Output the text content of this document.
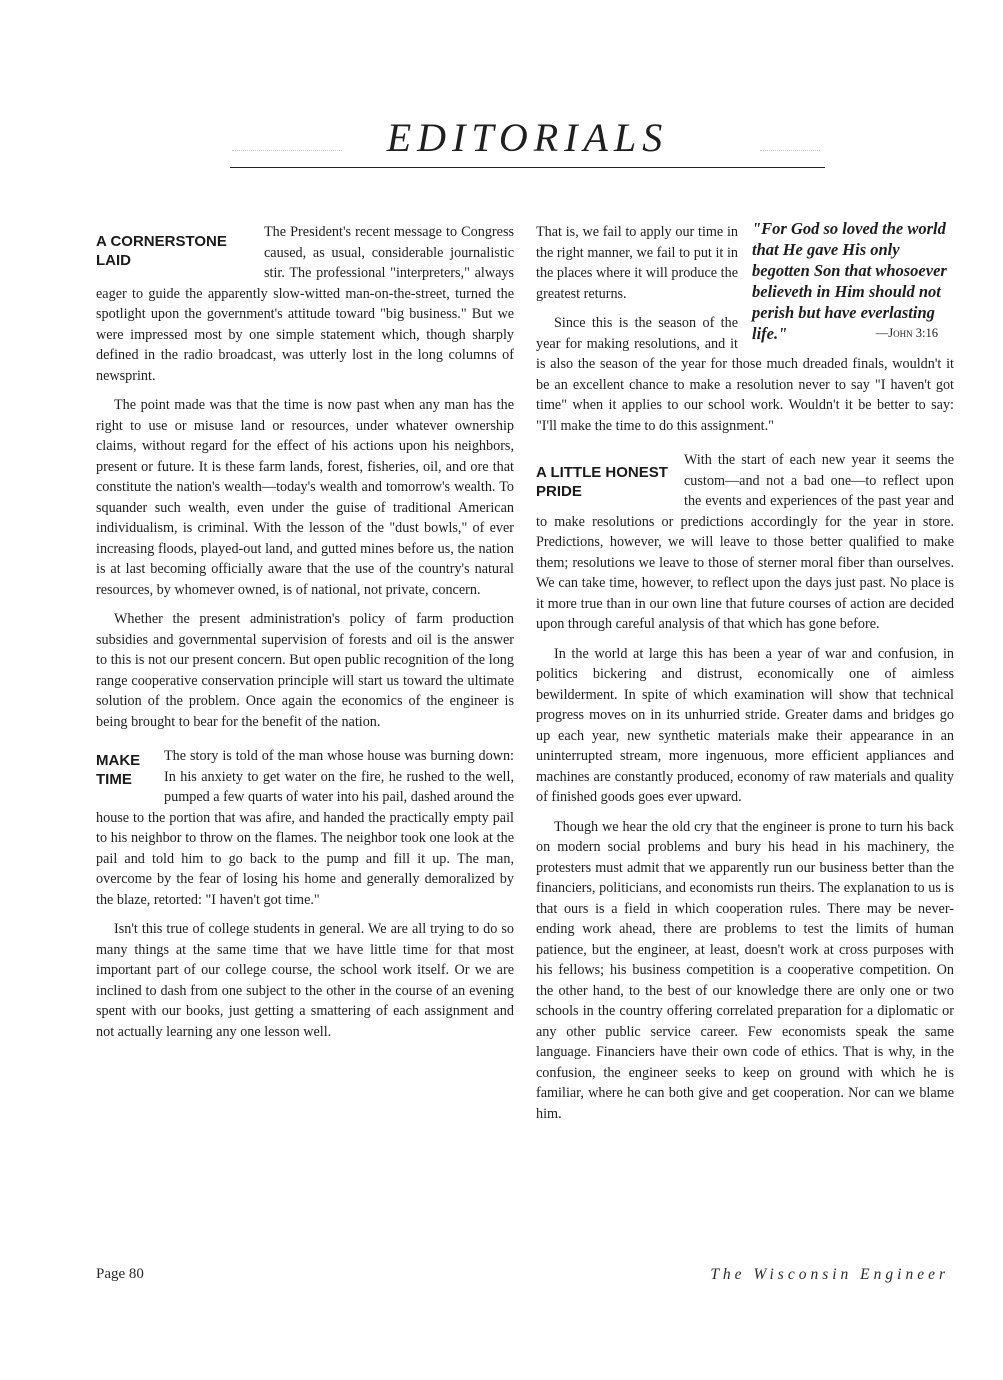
EDITORIALS
A CORNERSTONE LAID

The President's recent message to Congress caused, as usual, considerable journalistic stir. The professional "interpreters," always eager to guide the apparently slow-witted man-on-the-street, turned the spotlight upon the government's attitude toward "big business." But we were impressed most by one simple statement which, though sharply defined in the radio broadcast, was utterly lost in the long columns of newsprint.

The point made was that the time is now past when any man has the right to use or misuse land or resources, under whatever ownership claims, without regard for the effect of his actions upon his neighbors, present or future. It is these farm lands, forest, fisheries, oil, and ore that constitute the nation's wealth—today's wealth and tomorrow's wealth. To squander such wealth, even under the guise of traditional American individualism, is criminal. With the lesson of the "dust bowls," of ever increasing floods, played-out land, and gutted mines before us, the nation is at last becoming officially aware that the use of the country's natural resources, by whomever owned, is of national, not private, concern.

Whether the present administration's policy of farm production subsidies and governmental supervision of forests and oil is the answer to this is not our present concern. But open public recognition of the long range cooperative conservation principle will start us toward the ultimate solution of the problem. Once again the economics of the engineer is being brought to bear for the benefit of the nation.

MAKE TIME

The story is told of the man whose house was burning down: In his anxiety to get water on the fire, he rushed to the well, pumped a few quarts of water into his pail, dashed around the house to the portion that was afire, and handed the practically empty pail to his neighbor to throw on the flames. The neighbor took one look at the pail and told him to go back to the pump and fill it up. The man, overcome by the fear of losing his home and generally demoralized by the blaze, retorted: "I haven't got time."

Isn't this true of college students in general. We are all trying to do so many things at the same time that we have little time for that most important part of our college course, the school work itself. Or we are inclined to dash from one subject to the other in the course of an evening spent with our books, just getting a smattering of each assignment and not actually learning any one lesson well.

"For God so loved the world that He gave His only begotten Son that whosoever believeth in Him should not perish but have everlasting life."	—John 3:16

That is, we fail to apply our time in the right manner, we fail to put it in the places where it will produce the greatest returns.

Since this is the season of the year for making resolutions, and it is also the season of the year for those much dreaded finals, wouldn't it be an excellent chance to make a resolution never to say "I haven't got time" when it applies to our school work. Wouldn't it be better to say: "I'll make the time to do this assignment."

A LITTLE HONEST PRIDE

With the start of each new year it seems the custom—and not a bad one—to reflect upon the events and experiences of the past year and to make resolutions or predictions accordingly for the year in store. Predictions, however, we will leave to those better qualified to make them; resolutions we leave to those of sterner moral fiber than ourselves. We can take time, however, to reflect upon the days just past. No place is it more true than in our own line that future courses of action are decided upon through careful analysis of that which has gone before.

In the world at large this has been a year of war and confusion, in politics bickering and distrust, economically one of aimless bewilderment. In spite of which examination will show that technical progress moves on in its unhurried stride. Greater dams and bridges go up each year, new synthetic materials make their appearance in an uninterrupted stream, more ingenuous, more efficient appliances and machines are constantly produced, economy of raw materials and quality of finished goods goes ever upward.

Though we hear the old cry that the engineer is prone to turn his back on modern social problems and bury his head in his machinery, the protesters must admit that we apparently run our business better than the financiers, politicians, and economists run theirs. The explanation to us is that ours is a field in which cooperation rules. There may be never-ending work ahead, there are problems to test the limits of human patience, but the engineer, at least, doesn't work at cross purposes with his fellows; his business competition is a cooperative competition. On the other hand, to the best of our knowledge there are only one or two schools in the country offering correlated preparation for a diplomatic or any other public service career. Few economists speak the same language. Financiers have their own code of ethics. That is why, in the confusion, the engineer seeks to keep on ground with which he is familiar, where he can both give and get cooperation. Nor can we blame him.

Page 80	The Wisconsin Engineer
